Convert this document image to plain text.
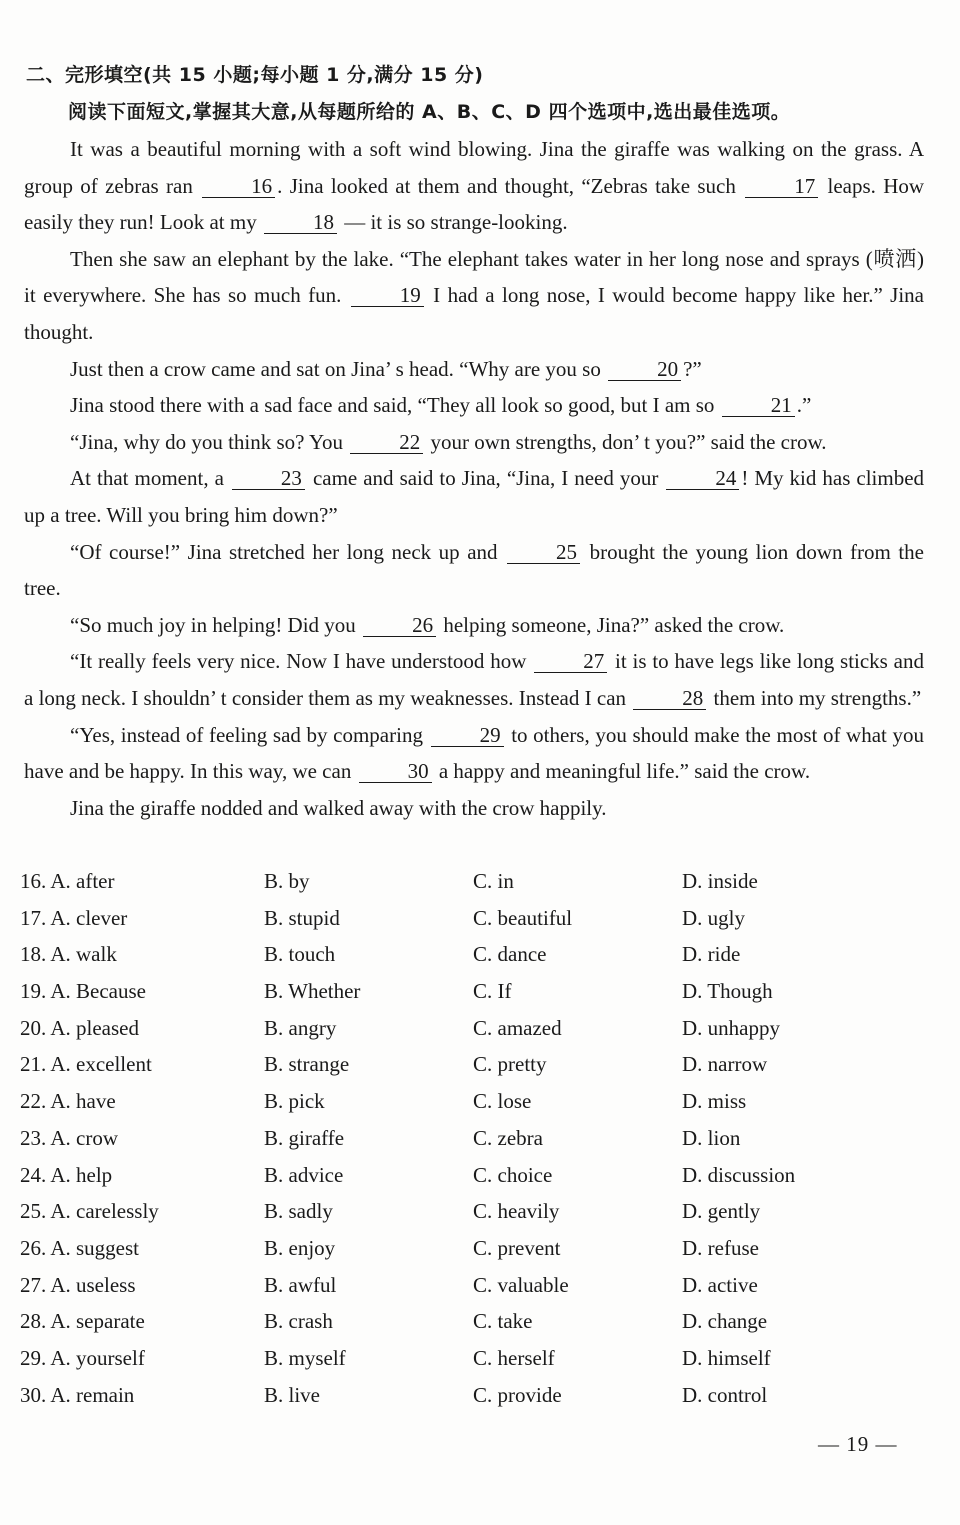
二、完形填空(共 15 小题;每小题 1 分,满分 15 分)
阅读下面短文,掌握其大意,从每题所给的 A、B、C、D 四个选项中,选出最佳选项。

It was a beautiful morning with a soft wind blowing. Jina the giraffe was walking on the grass. A group of zebras ran	16 . Jina looked at them and thought, “Zebras take such	17 leaps. How easily they run! Look at my	18 — it is so strange-looking.

Then she saw an elephant by the lake. “The elephant takes water in her long nose and sprays (喷洒) it everywhere. She has so much fun.	19 I had a long nose, I would become happy like her.” Jina thought.

Just then a crow came and sat on Jina’ s head. “Why are you so	20 ?”

Jina stood there with a sad face and said, “They all look so good, but I am so	21 .”

“Jina, why do you think so? You	22 your own strengths, don’ t you?” said the crow.

At that moment, a	23 came and said to Jina, “Jina, I need your	24 ! My kid has climbed up a tree. Will you bring him down?”

“Of course!” Jina stretched her long neck up and	25 brought the young lion down from the tree.

“So much joy in helping! Did you	26 helping someone, Jina?” asked the crow.

“It really feels very nice. Now I have understood how	27 it is to have legs like long sticks and a long neck. I shouldn’ t consider them as my weaknesses. Instead I can	28 them into my strengths.”

“Yes, instead of feeling sad by comparing	29 to others, you should make the most of what you have and be happy. In this way, we can	30 a happy and meaningful life.” said the crow.

Jina the giraffe nodded and walked away with the crow happily.

16. A. after	B. by	C. in	D. inside
17. A. clever	B. stupid	C. beautiful	D. ugly
18. A. walk	B. touch	C. dance	D. ride
19. A. Because	B. Whether	C. If	D. Though
20. A. pleased	B. angry	C. amazed	D. unhappy
21. A. excellent	B. strange	C. pretty	D. narrow
22. A. have	B. pick	C. lose	D. miss
23. A. crow	B. giraffe	C. zebra	D. lion
24. A. help	B. advice	C. choice	D. discussion
25. A. carelessly	B. sadly	C. heavily	D. gently
26. A. suggest	B. enjoy	C. prevent	D. refuse
27. A. useless	B. awful	C. valuable	D. active
28. A. separate	B. crash	C. take	D. change
29. A. yourself	B. myself	C. herself	D. himself
30. A. remain	B. live	C. provide	D. control
— 19 —
